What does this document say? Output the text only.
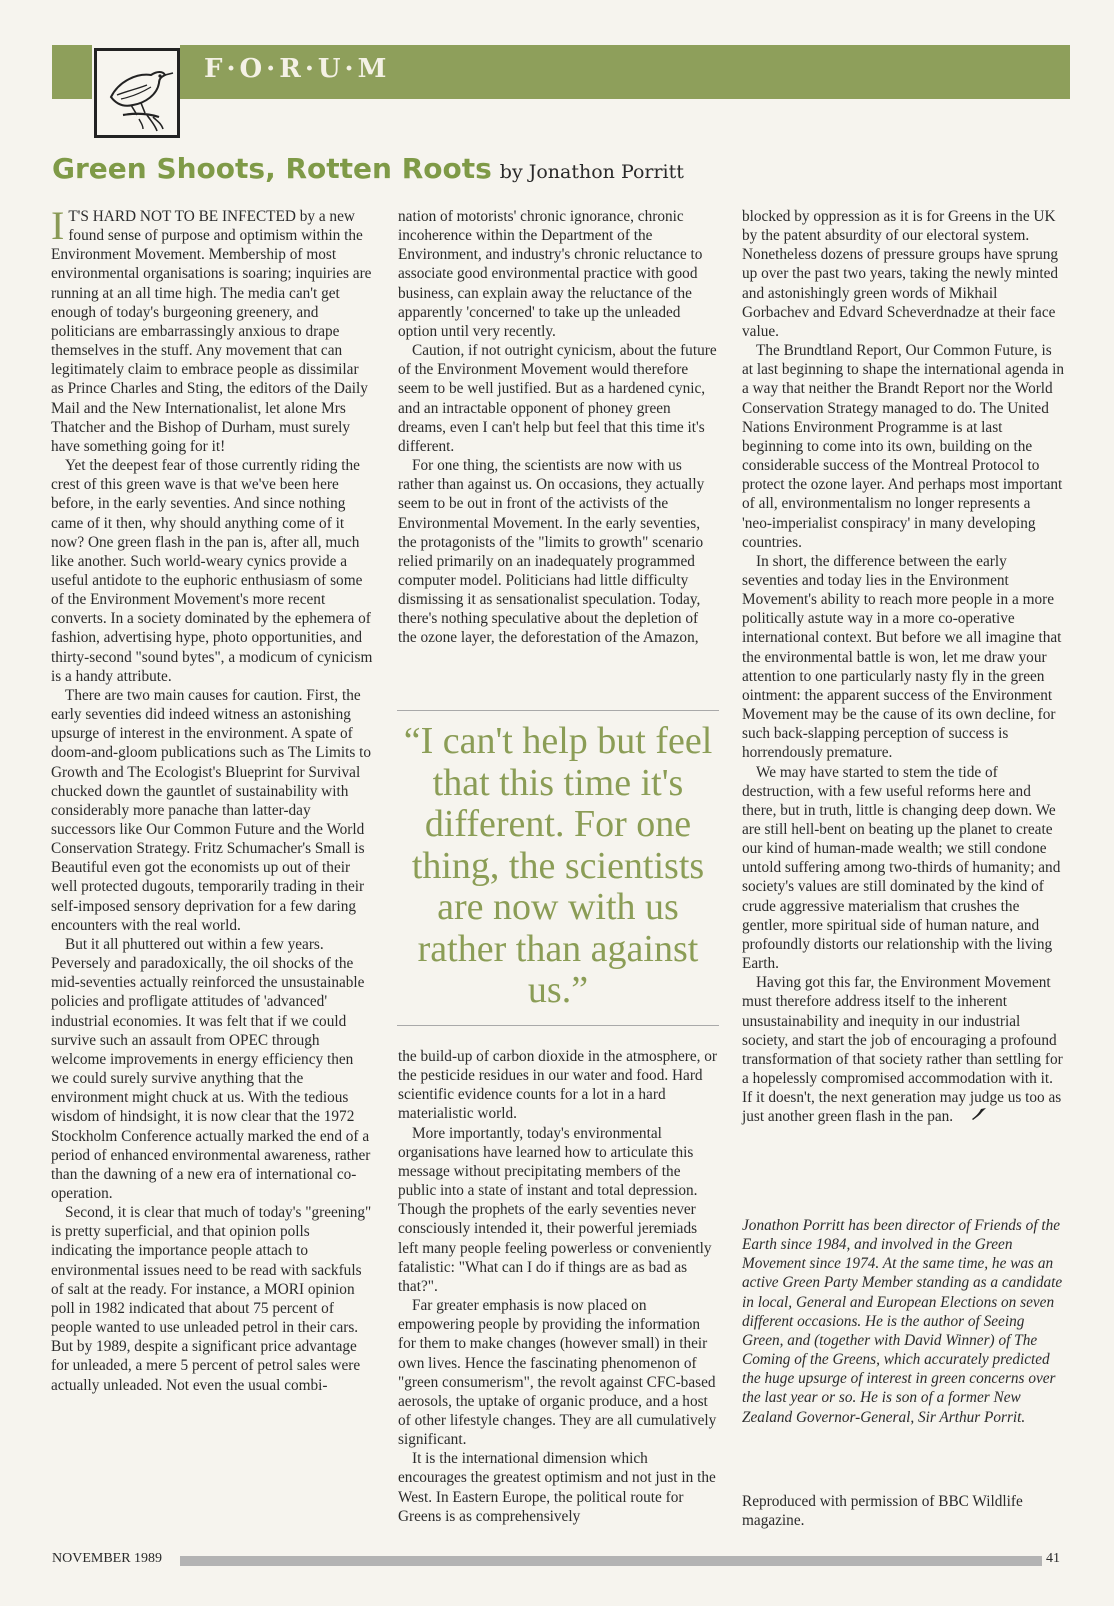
F·O·R·U·M
Green Shoots, Rotten Roots by Jonathon Porritt

I T'S HARD NOT TO BE INFECTED by a new found sense of purpose and optimism within the Environment Movement. Membership of most environmental organisations is soaring; inquiries are running at an all time high. The media can't get enough of today's burgeoning greenery, and politicians are embarrassingly anxious to drape themselves in the stuff. Any movement that can legitimately claim to embrace people as dissimilar as Prince Charles and Sting, the editors of the Daily Mail and the New Internationalist, let alone Mrs Thatcher and the Bishop of Durham, must surely have something going for it!

Yet the deepest fear of those currently riding the crest of this green wave is that we've been here before, in the early seventies. And since nothing came of it then, why should anything come of it now? One green flash in the pan is, after all, much like another. Such world-weary cynics provide a useful antidote to the euphoric enthusiasm of some of the Environment Movement's more recent converts. In a society dominated by the ephemera of fashion, advertising hype, photo opportunities, and thirty-second "sound bytes", a modicum of cynicism is a handy attribute.

There are two main causes for caution. First, the early seventies did indeed witness an astonishing upsurge of interest in the environment. A spate of doom-and-gloom publications such as The Limits to Growth and The Ecologist's Blueprint for Survival chucked down the gauntlet of sustainability with considerably more panache than latter-day successors like Our Common Future and the World Conservation Strategy. Fritz Schumacher's Small is Beautiful even got the economists up out of their well protected dugouts, temporarily trading in their self-imposed sensory deprivation for a few daring encounters with the real world.

But it all phuttered out within a few years. Peversely and paradoxically, the oil shocks of the mid-seventies actually reinforced the unsustainable policies and profligate attitudes of 'advanced' industrial economies. It was felt that if we could survive such an assault from OPEC through welcome improvements in energy efficiency then we could surely survive anything that the environment might chuck at us. With the tedious wisdom of hindsight, it is now clear that the 1972 Stockholm Conference actually marked the end of a period of enhanced environmental awareness, rather than the dawning of a new era of international co-operation.

Second, it is clear that much of today's "greening" is pretty superficial, and that opinion polls indicating the importance people attach to environmental issues need to be read with sackfuls of salt at the ready. For instance, a MORI opinion poll in 1982 indicated that about 75 percent of people wanted to use unleaded petrol in their cars. But by 1989, despite a significant price advantage for unleaded, a mere 5 percent of petrol sales were actually unleaded. Not even the usual combi-

nation of motorists' chronic ignorance, chronic incoherence within the Department of the Environment, and industry's chronic reluctance to associate good environmental practice with good business, can explain away the reluctance of the apparently 'concerned' to take up the unleaded option until very recently.

Caution, if not outright cynicism, about the future of the Environment Movement would therefore seem to be well justified. But as a hardened cynic, and an intractable opponent of phoney green dreams, even I can't help but feel that this time it's different.

For one thing, the scientists are now with us rather than against us. On occasions, they actually seem to be out in front of the activists of the Environmental Movement. In the early seventies, the protagonists of the "limits to growth" scenario relied primarily on an inadequately programmed computer model. Politicians had little difficulty dismissing it as sensationalist speculation. Today, there's nothing speculative about the depletion of the ozone layer, the deforestation of the Amazon,

“I can't help but feel that this time it's different. For one thing, the scientists are now with us rather than against us.”

the build-up of carbon dioxide in the atmosphere, or the pesticide residues in our water and food. Hard scientific evidence counts for a lot in a hard materialistic world.

More importantly, today's environmental organisations have learned how to articulate this message without precipitating members of the public into a state of instant and total depression. Though the prophets of the early seventies never consciously intended it, their powerful jeremiads left many people feeling powerless or conveniently fatalistic: "What can I do if things are as bad as that?".

Far greater emphasis is now placed on empowering people by providing the information for them to make changes (however small) in their own lives. Hence the fascinating phenomenon of "green consumerism", the revolt against CFC-based aerosols, the uptake of organic produce, and a host of other lifestyle changes. They are all cumulatively significant.

It is the international dimension which encourages the greatest optimism and not just in the West. In Eastern Europe, the political route for Greens is as comprehensively

blocked by oppression as it is for Greens in the UK by the patent absurdity of our electoral system. Nonetheless dozens of pressure groups have sprung up over the past two years, taking the newly minted and astonishingly green words of Mikhail Gorbachev and Edvard Scheverdnadze at their face value.

The Brundtland Report, Our Common Future, is at last beginning to shape the international agenda in a way that neither the Brandt Report nor the World Conservation Strategy managed to do. The United Nations Environment Programme is at last beginning to come into its own, building on the considerable success of the Montreal Protocol to protect the ozone layer. And perhaps most important of all, environmentalism no longer represents a 'neo-imperialist conspiracy' in many developing countries.

In short, the difference between the early seventies and today lies in the Environment Movement's ability to reach more people in a more politically astute way in a more co-operative international context. But before we all imagine that the environmental battle is won, let me draw your attention to one particularly nasty fly in the green ointment: the apparent success of the Environment Movement may be the cause of its own decline, for such back-slapping perception of success is horrendously premature.

We may have started to stem the tide of destruction, with a few useful reforms here and there, but in truth, little is changing deep down. We are still hell-bent on beating up the planet to create our kind of human-made wealth; we still condone untold suffering among two-thirds of humanity; and society's values are still dominated by the kind of crude aggressive materialism that crushes the gentler, more spiritual side of human nature, and profoundly distorts our relationship with the living Earth.

Having got this far, the Environment Movement must therefore address itself to the inherent unsustainability and inequity in our industrial society, and start the job of encouraging a profound transformation of that society rather than settling for a hopelessly compromised accommodation with it. If it doesn't, the next generation may judge us too as just another green flash in the pan.

Jonathon Porritt has been director of Friends of the Earth since 1984, and involved in the Green Movement since 1974. At the same time, he was an active Green Party Member standing as a candidate in local, General and European Elections on seven different occasions. He is the author of Seeing Green, and (together with David Winner) of The Coming of the Greens, which accurately predicted the huge upsurge of interest in green concerns over the last year or so. He is son of a former New Zealand Governor-General, Sir Arthur Porrit.
Reproduced with permission of BBC Wildlife magazine.
NOVEMBER 1989	41
